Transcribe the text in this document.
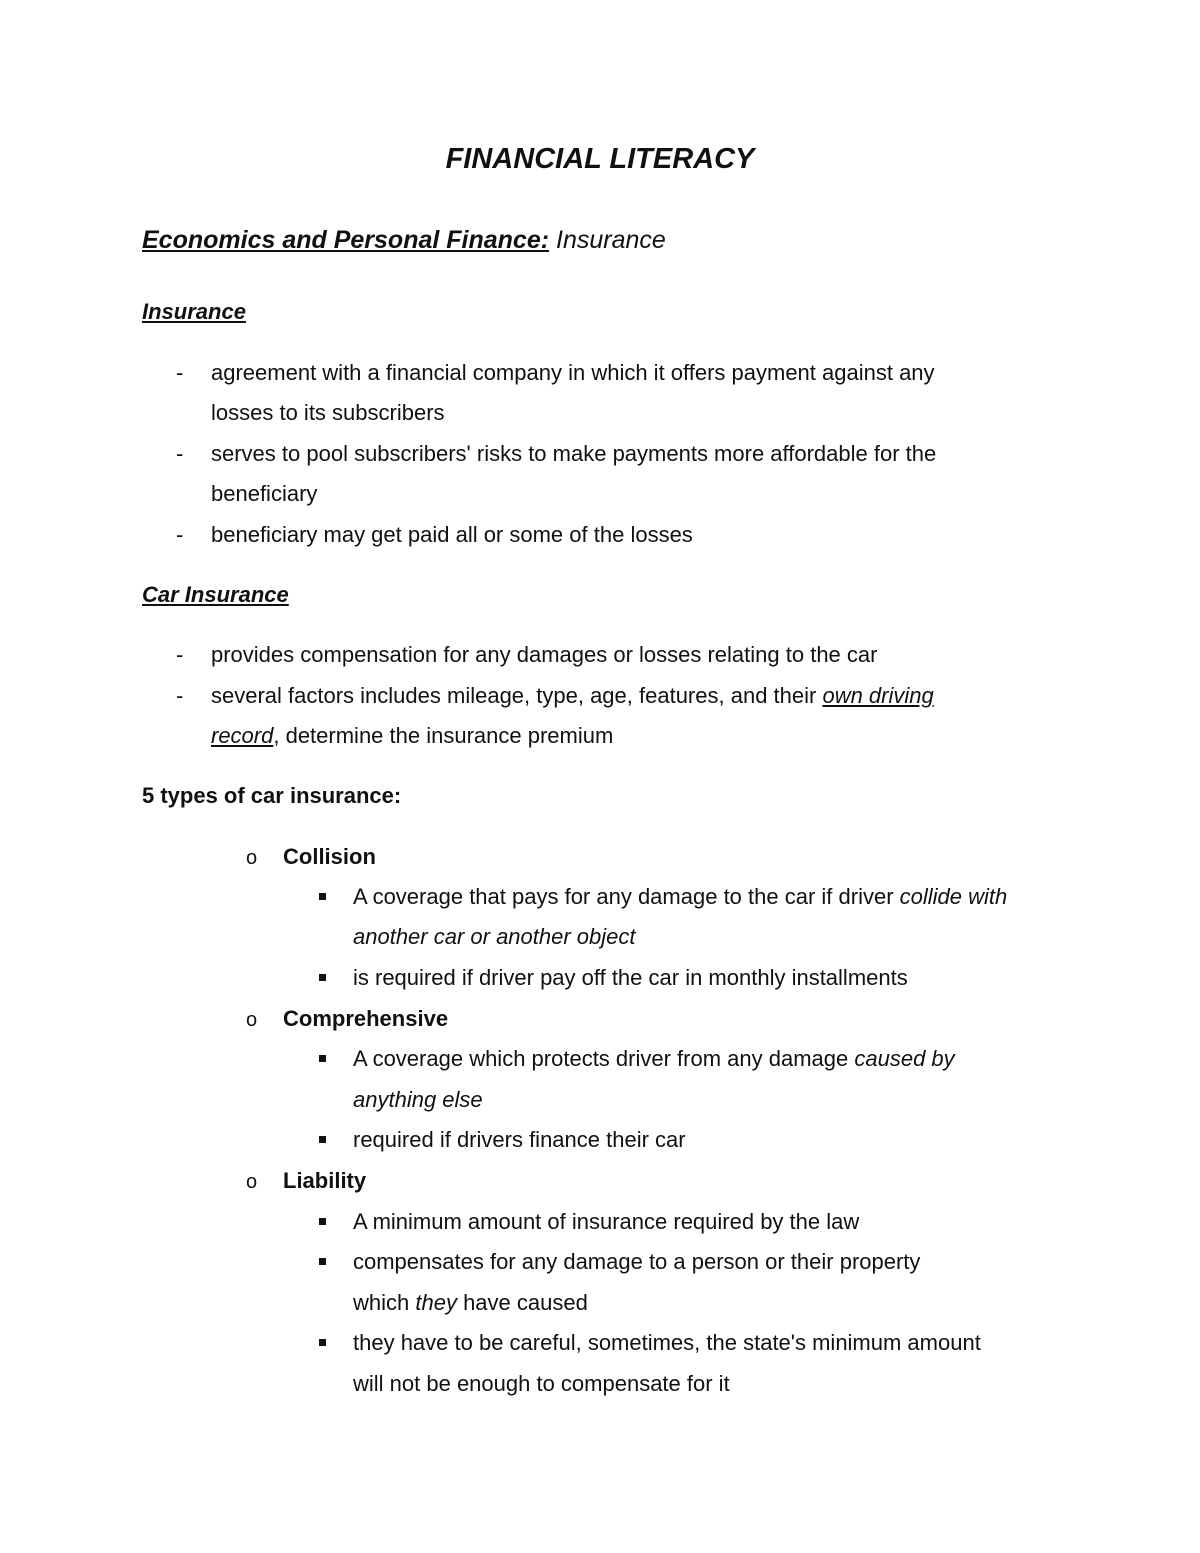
FINANCIAL LITERACY
Economics and Personal Finance: Insurance
Insurance
- agreement with a financial company in which it offers payment against any
losses to its subscribers
- serves to pool subscribers' risks to make payments more affordable for the
beneficiary
- beneficiary may get paid all or some of the losses
Car Insurance
- provides compensation for any damages or losses relating to the car
- several factors includes mileage, type, age, features, and their own driving
record, determine the insurance premium
5 types of car insurance:
o Collision
A coverage that pays for any damage to the car if driver collide with
another car or another object
is required if driver pay off the car in monthly installments
o Comprehensive
A coverage which protects driver from any damage caused by
anything else
required if drivers finance their car
o Liability
A minimum amount of insurance required by the law
compensates for any damage to a person or their property
which they have caused
they have to be careful, sometimes, the state's minimum amount
will not be enough to compensate for it
